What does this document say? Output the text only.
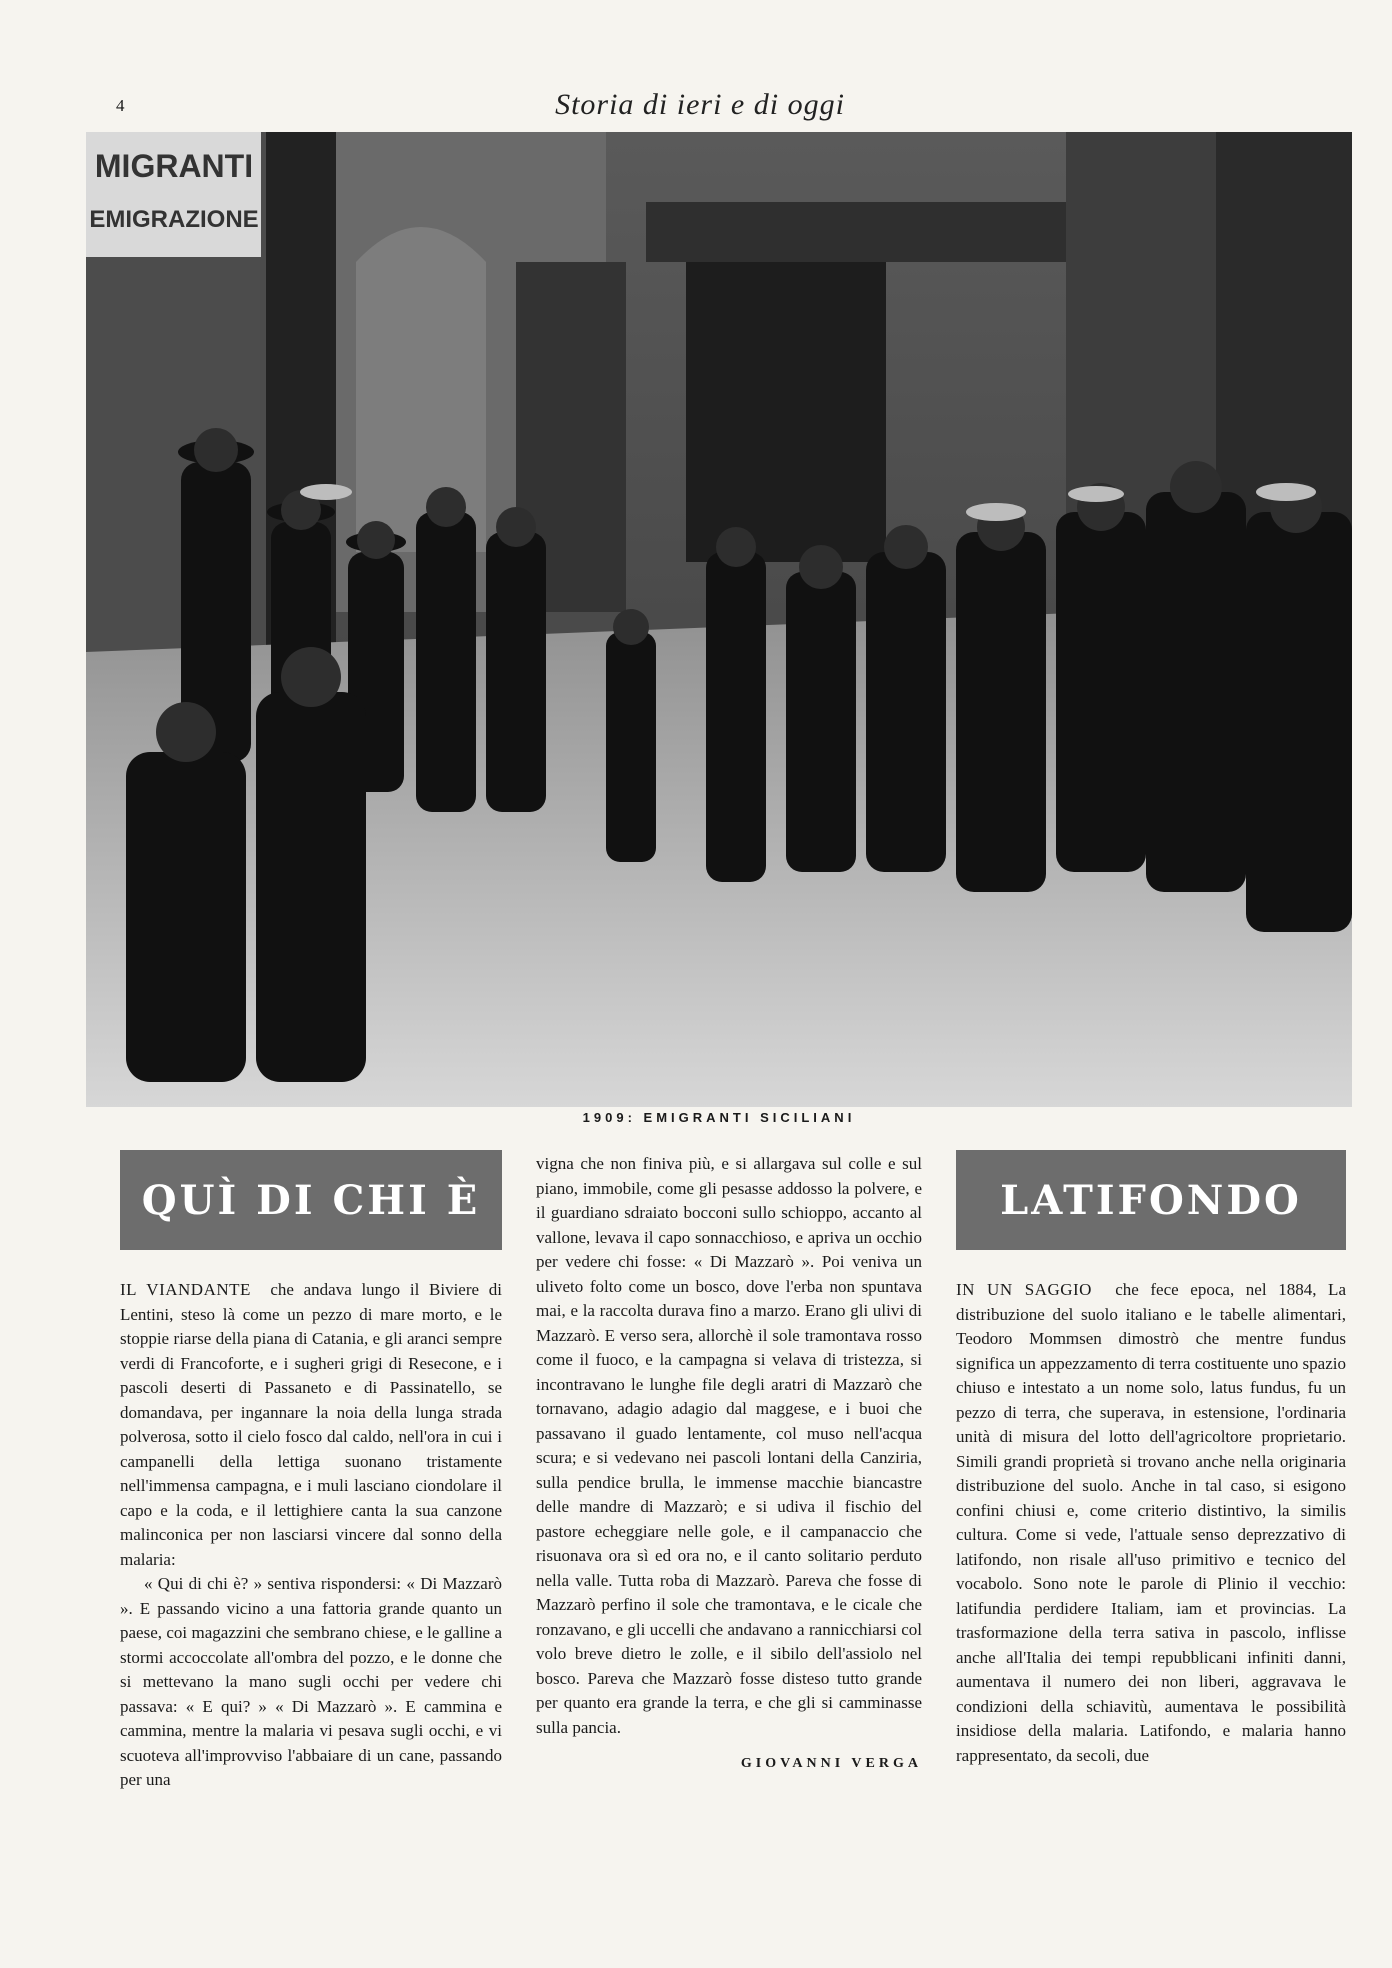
4	Storia di ieri e di oggi
MIGRANTI
EMIGRAZIONE
1909: EMIGRANTI SICILIANI
QUÌ DI CHI È

IL VIANDANTE che andava lungo il Biviere di Lentini, steso là come un pezzo di mare morto, e le stoppie riarse della piana di Catania, e gli aranci sempre verdi di Francoforte, e i sugheri grigi di Resecone, e i pascoli deserti di Passaneto e di Passinatello, se domandava, per ingannare la noia della lunga strada polverosa, sotto il cielo fosco dal caldo, nell'ora in cui i campanelli della lettiga suonano tristamente nell'immensa campagna, e i muli lasciano ciondolare il capo e la coda, e il lettighiere canta la sua canzone malinconica per non lasciarsi vincere dal sonno della malaria:

« Qui di chi è? » sentiva rispondersi: « Di Mazzarò ». E passando vicino a una fattoria grande quanto un paese, coi magazzini che sembrano chiese, e le galline a stormi accoccolate all'ombra del pozzo, e le donne che si mettevano la mano sugli occhi per vedere chi passava: « E qui? » « Di Mazzarò ». E cammina e cammina, mentre la malaria vi pesava sugli occhi, e vi scuoteva all'improvviso l'abbaiare di un cane, passando per una

vigna che non finiva più, e si allargava sul colle e sul piano, immobile, come gli pesasse addosso la polvere, e il guardiano sdraiato bocconi sullo schioppo, accanto al vallone, levava il capo sonnacchioso, e apriva un occhio per vedere chi fosse: « Di Mazzarò ». Poi veniva un uliveto folto come un bosco, dove l'erba non spuntava mai, e la raccolta durava fino a marzo. Erano gli ulivi di Mazzarò. E verso sera, allorchè il sole tramontava rosso come il fuoco, e la campagna si velava di tristezza, si incontravano le lunghe file degli aratri di Mazzarò che tornavano, adagio adagio dal maggese, e i buoi che passavano il guado lentamente, col muso nell'acqua scura; e si vedevano nei pascoli lontani della Canziria, sulla pendice brulla, le immense macchie biancastre delle mandre di Mazzarò; e si udiva il fischio del pastore echeggiare nelle gole, e il campanaccio che risuonava ora sì ed ora no, e il canto solitario perduto nella valle. Tutta roba di Mazzarò. Pareva che fosse di Mazzarò perfino il sole che tramontava, e le cicale che ronzavano, e gli uccelli che andavano a rannicchiarsi col volo breve dietro le zolle, e il sibilo dell'assiolo nel bosco. Pareva che Mazzarò fosse disteso tutto grande per quanto era grande la terra, e che gli si camminasse sulla pancia.

GIOVANNI VERGA
LATIFONDO

IN UN SAGGIO che fece epoca, nel 1884, La distribuzione del suolo italiano e le tabelle alimentari, Teodoro Mommsen dimostrò che mentre fundus significa un appezzamento di terra costituente uno spazio chiuso e intestato a un nome solo, latus fundus, fu un pezzo di terra, che superava, in estensione, l'ordinaria unità di misura del lotto dell'agricoltore proprietario. Simili grandi proprietà si trovano anche nella originaria distribuzione del suolo. Anche in tal caso, si esigono confini chiusi e, come criterio distintivo, la similis cultura. Come si vede, l'attuale senso deprezzativo di latifondo, non risale all'uso primitivo e tecnico del vocabolo. Sono note le parole di Plinio il vecchio: latifundia perdidere Italiam, iam et provincias. La trasformazione della terra sativa in pascolo, inflisse anche all'Italia dei tempi repubblicani infiniti danni, aumentava il numero dei non liberi, aggravava le condizioni della schiavitù, aumentava le possibilità insidiose della malaria. Latifondo, e malaria hanno rappresentato, da secoli, due
